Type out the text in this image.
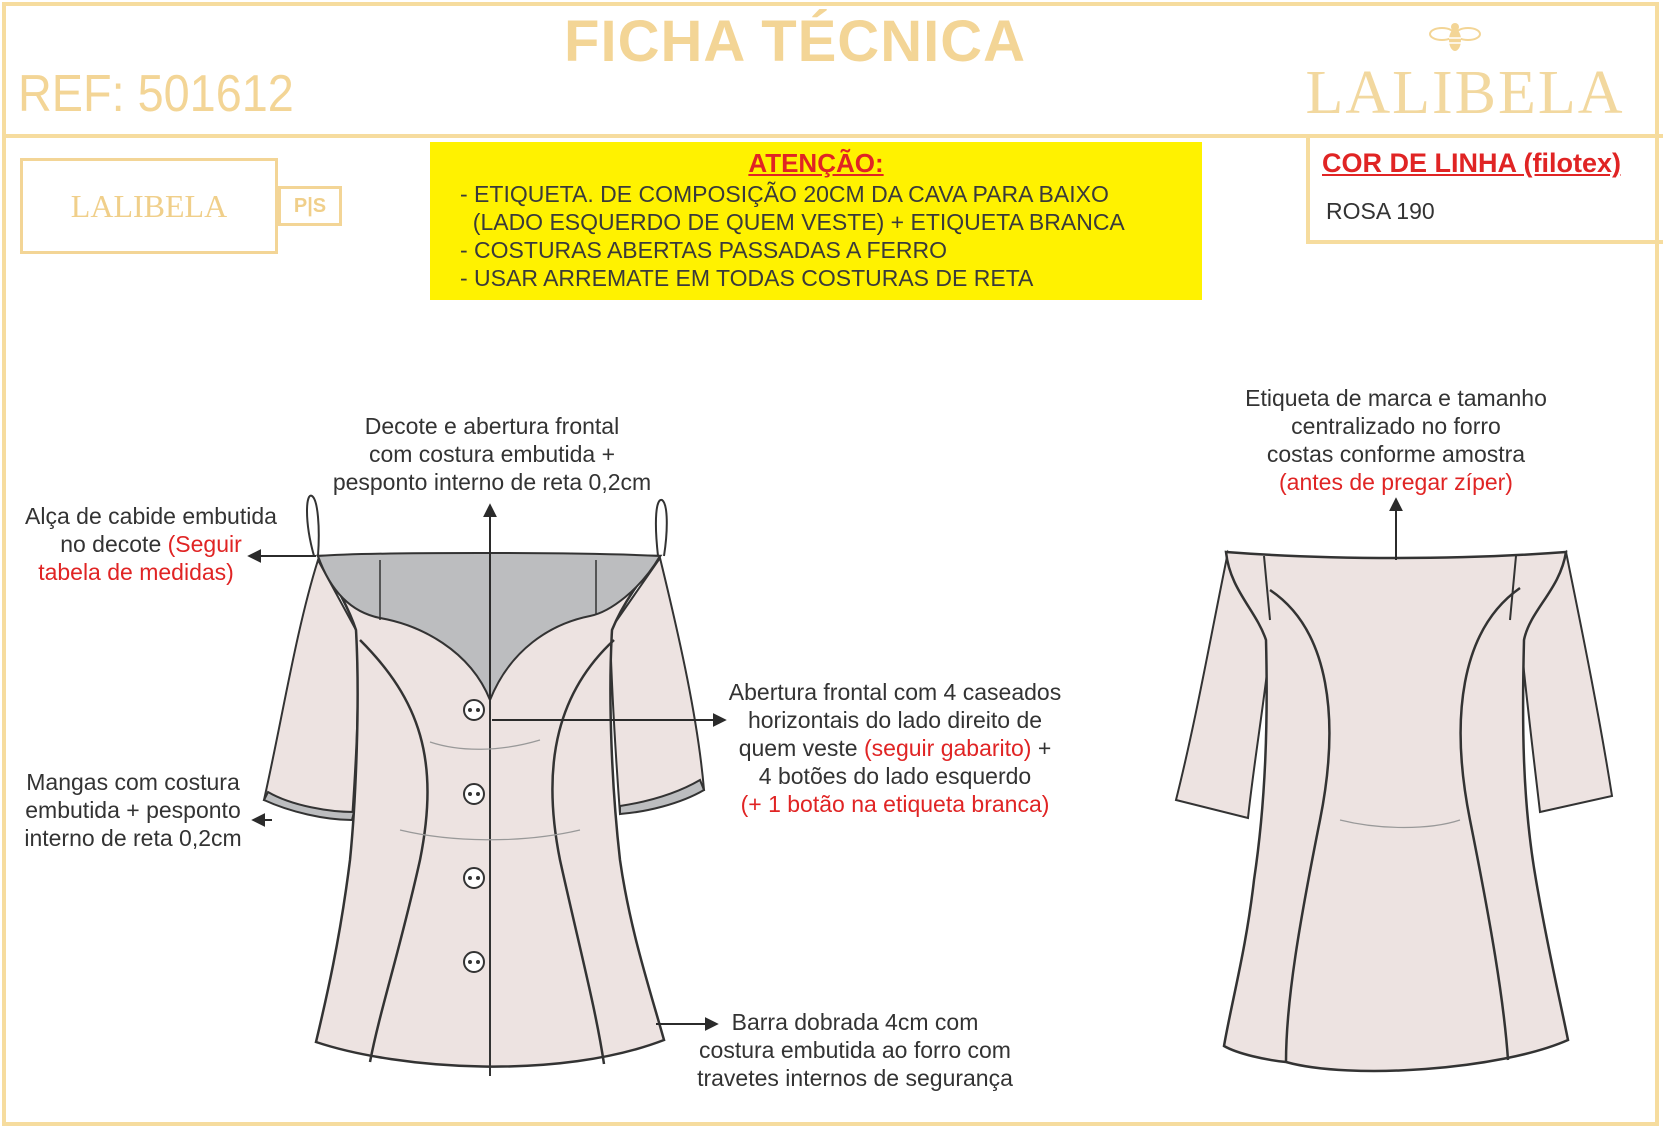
FICHA TÉCNICA
REF: 501612	LALIBELA
LALIBELA	P|S
ATENÇÃO:
- ETIQUETA. DE COMPOSIÇÃO 20CM DA CAVA PARA BAIXO
(LADO ESQUERDO DE QUEM VESTE) + ETIQUETA BRANCA
- COSTURAS ABERTAS PASSADAS A FERRO
- USAR ARREMATE EM TODAS COSTURAS DE RETA
COR DE LINHA (filotex)
ROSA 190
Decote e abertura frontal
com costura embutida +
pesponto interno de reta 0,2cm
Alça de cabide embutida
no decote (Seguir
tabela de medidas)
Mangas com costura
embutida + pesponto
interno de reta 0,2cm
Abertura frontal com 4 caseados
horizontais do lado direito de
quem veste (seguir gabarito) +
4 botões do lado esquerdo
(+ 1 botão na etiqueta branca)
Barra dobrada 4cm com
costura embutida ao forro com
travetes internos de segurança
Etiqueta de marca e tamanho
centralizado no forro
costas conforme amostra
(antes de pregar zíper)
